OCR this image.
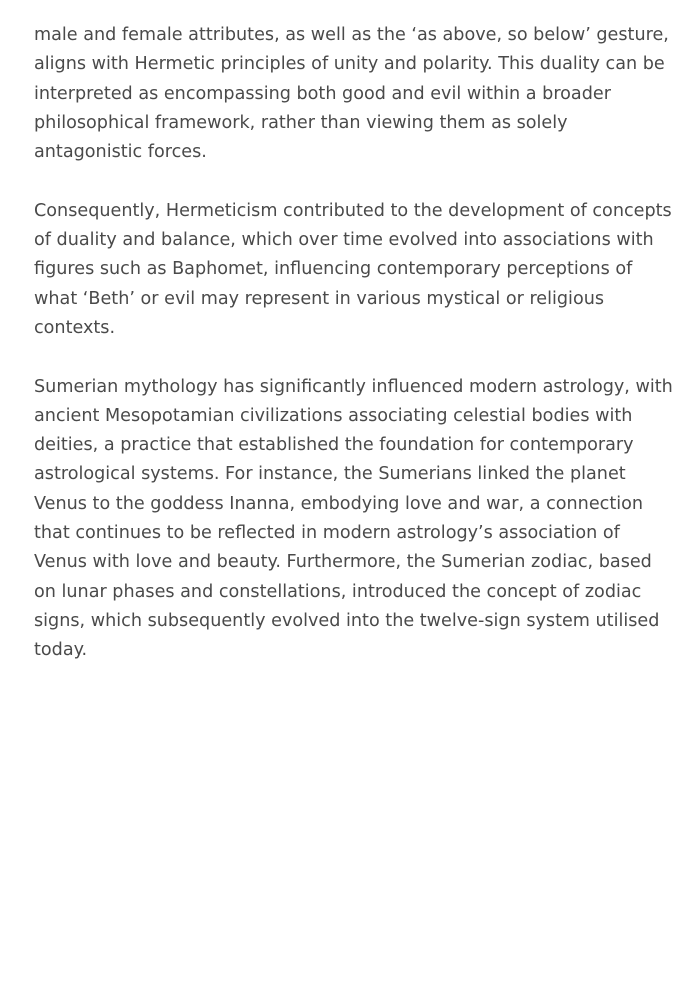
male and female attributes, as well as the ‘as above, so below’ gesture, aligns with Hermetic principles of unity and polarity. This duality can be interpreted as encompassing both good and evil within a broader philosophical framework, rather than viewing them as solely antagonistic forces.

Consequently, Hermeticism contributed to the development of concepts of duality and balance, which over time evolved into associations with figures such as Baphomet, influencing contemporary perceptions of what ‘Beth’ or evil may represent in various mystical or religious contexts.

Sumerian mythology has significantly influenced modern astrology, with ancient Mesopotamian civilizations associating celestial bodies with deities, a practice that established the foundation for contemporary astrological systems. For instance, the Sumerians linked the planet Venus to the goddess Inanna, embodying love and war, a connection that continues to be reflected in modern astrology’s association of Venus with love and beauty. Furthermore, the Sumerian zodiac, based on lunar phases and constellations, introduced the concept of zodiac signs, which subsequently evolved into the twelve-sign system utilised today.
